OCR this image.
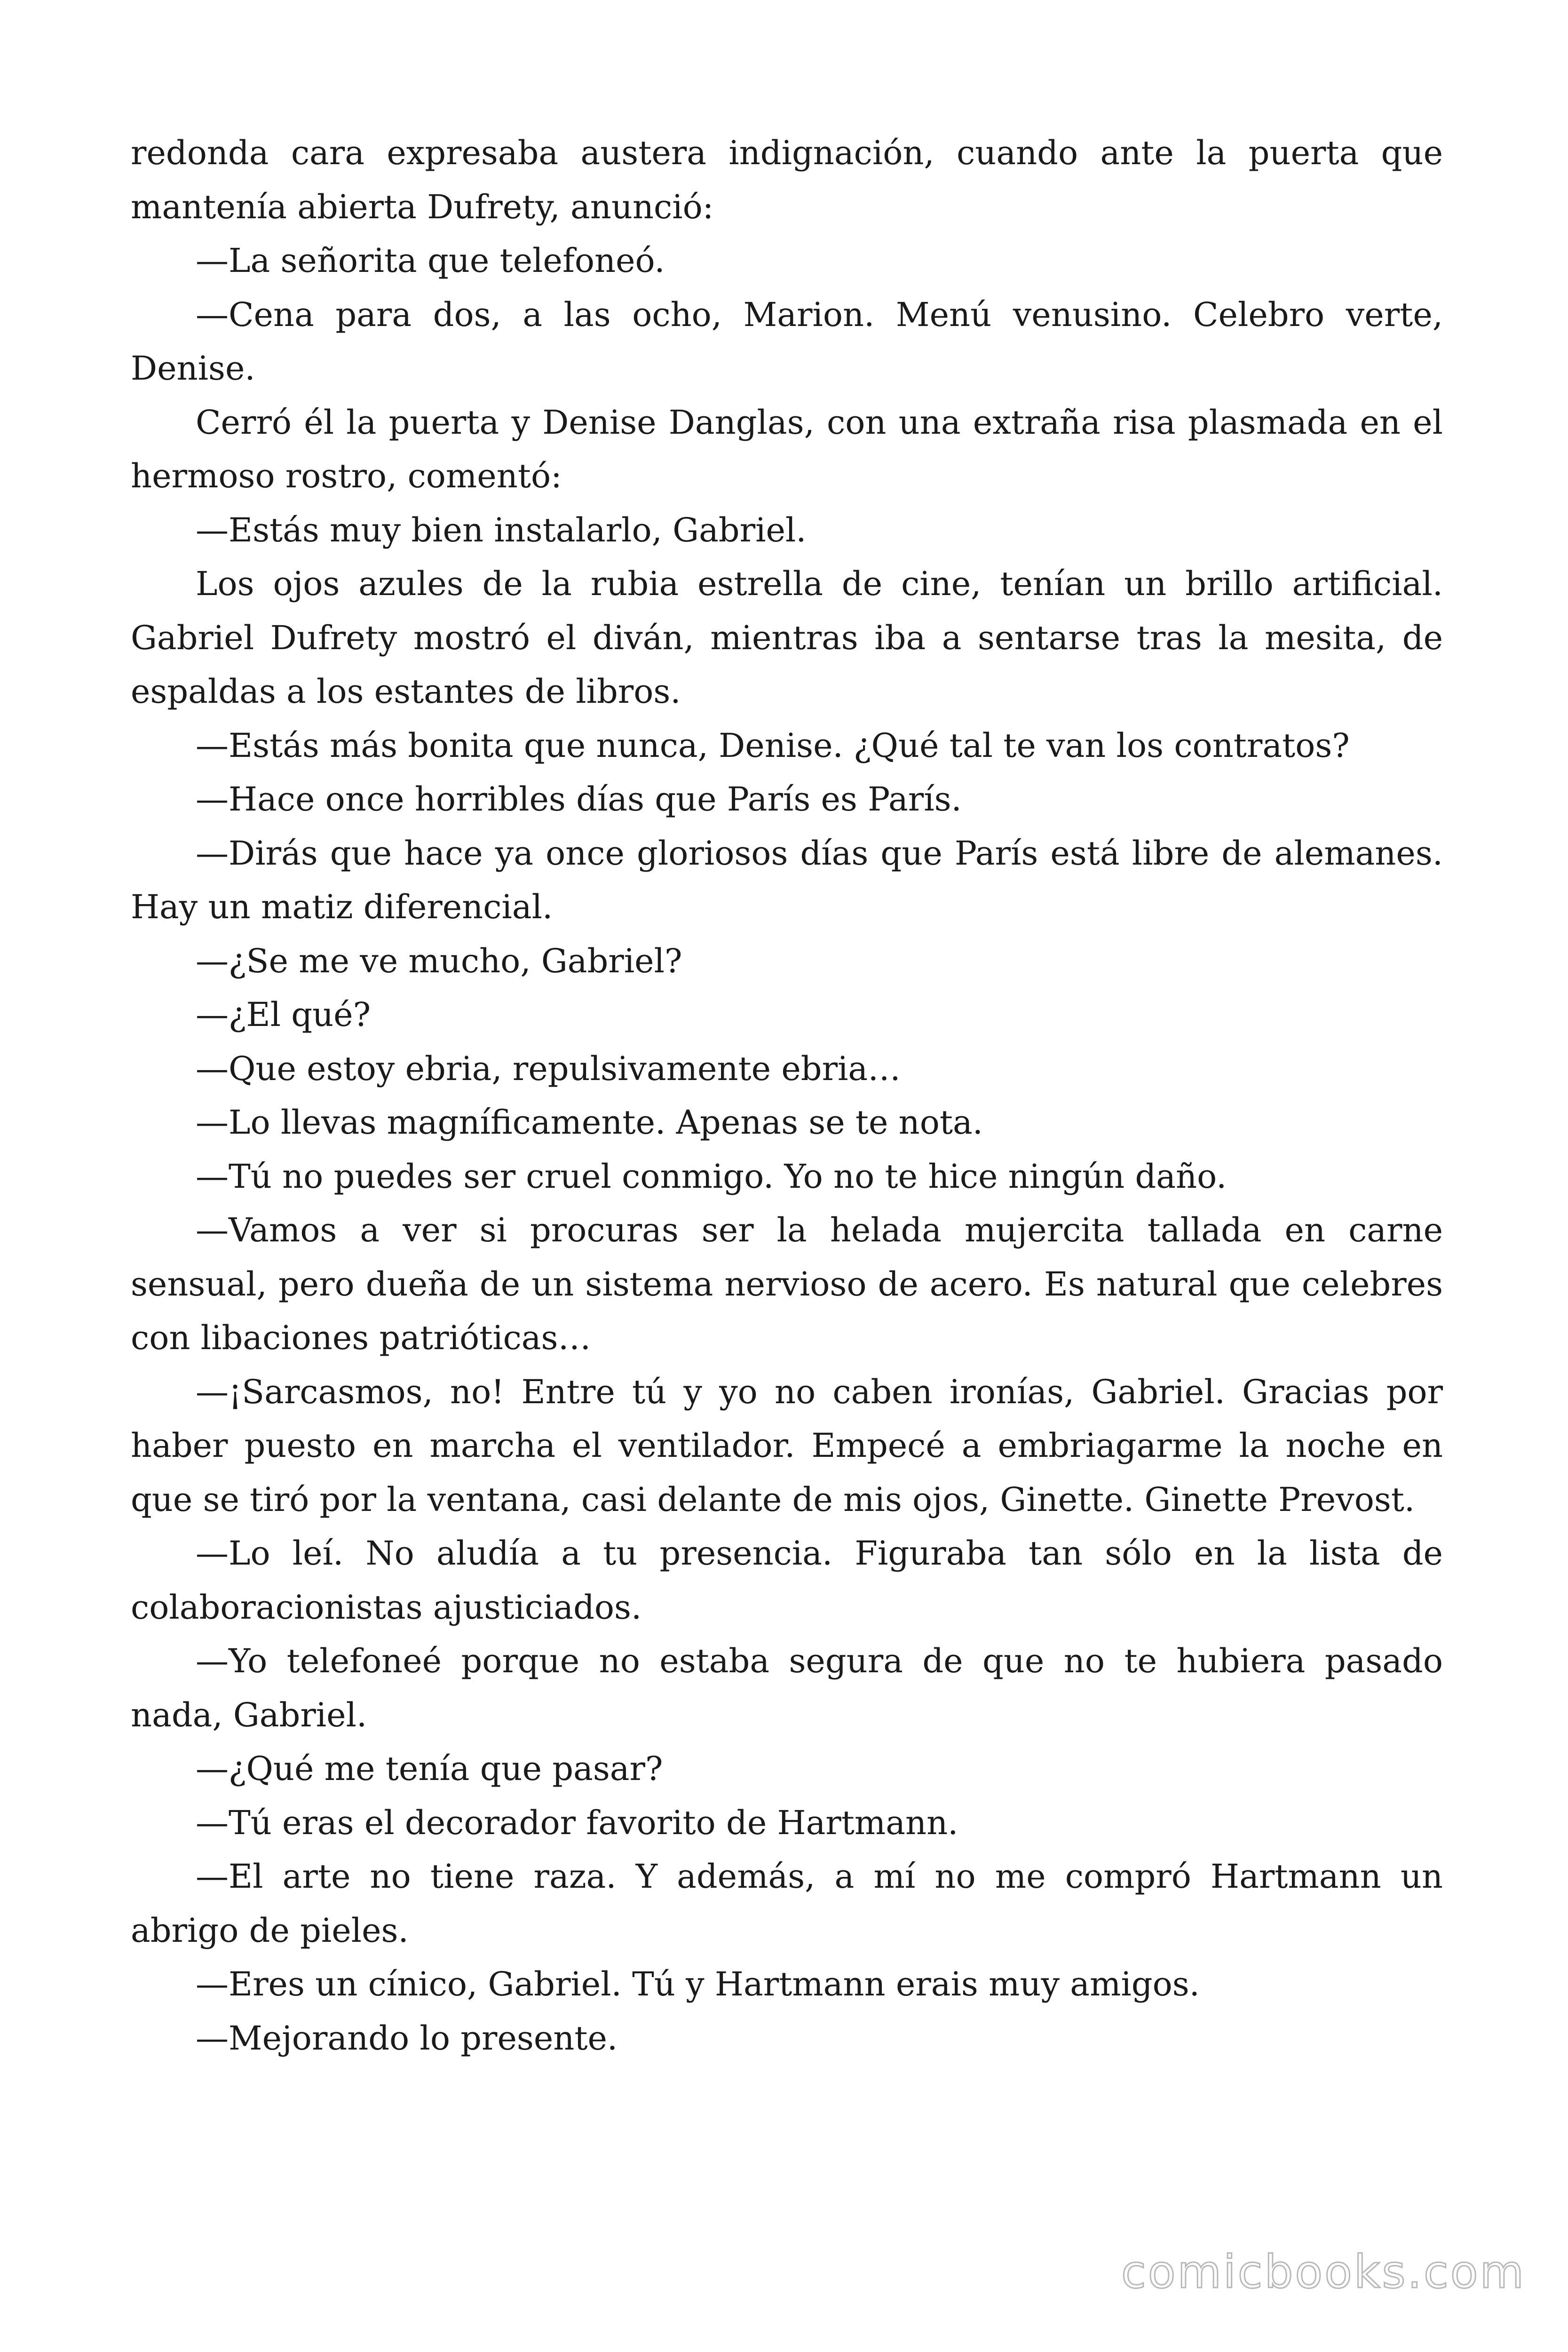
redonda cara expresaba austera indignación, cuando ante la puerta que mantenía abierta Dufrety, anunció:

—La señorita que telefoneó.

—Cena para dos, a las ocho, Marion. Menú venusino. Celebro verte, Denise.

Cerró él la puerta y Denise Danglas, con una extraña risa plasmada en el hermoso rostro, comentó:

—Estás muy bien instalarlo, Gabriel.

Los ojos azules de la rubia estrella de cine, tenían un brillo artificial. Gabriel Dufrety mostró el diván, mientras iba a sentarse tras la mesita, de espaldas a los estantes de libros.

—Estás más bonita que nunca, Denise. ¿Qué tal te van los contratos?

—Hace once horribles días que París es París.

—Dirás que hace ya once gloriosos días que París está libre de alemanes. Hay un matiz diferencial.

—¿Se me ve mucho, Gabriel?

—¿El qué?

—Que estoy ebria, repulsivamente ebria…

—Lo llevas magníficamente. Apenas se te nota.

—Tú no puedes ser cruel conmigo. Yo no te hice ningún daño.

—Vamos a ver si procuras ser la helada mujercita tallada en carne sensual, pero dueña de un sistema nervioso de acero. Es natural que celebres con libaciones patrióticas…

—¡Sarcasmos, no! Entre tú y yo no caben ironías, Gabriel. Gracias por haber puesto en marcha el ventilador. Empecé a embriagarme la noche en que se tiró por la ventana, casi delante de mis ojos, Ginette. Ginette Prevost.

—Lo leí. No aludía a tu presencia. Figuraba tan sólo en la lista de colaboracionistas ajusticiados.

—Yo telefoneé porque no estaba segura de que no te hubiera pasado nada, Gabriel.

—¿Qué me tenía que pasar?

—Tú eras el decorador favorito de Hartmann.

—El arte no tiene raza. Y además, a mí no me compró Hartmann un abrigo de pieles.

—Eres un cínico, Gabriel. Tú y Hartmann erais muy amigos.

—Mejorando lo presente.

comicbooks.com
